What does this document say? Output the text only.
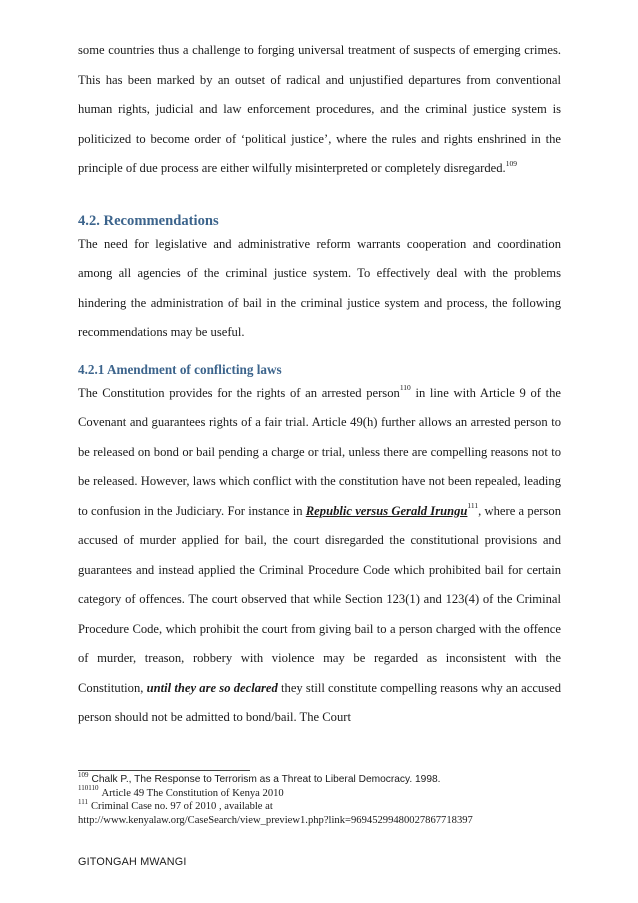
some countries thus a challenge to forging universal treatment of suspects of emerging crimes. This has been marked by an outset of radical and unjustified departures from conventional human rights, judicial and law enforcement procedures, and the criminal justice system is politicized to become order of ‘political justice’, where the rules and rights enshrined in the principle of due process are either wilfully misinterpreted or completely disregarded.$^{109}$

4.2. Recommendations

The need for legislative and administrative reform warrants cooperation and coordination among all agencies of the criminal justice system. To effectively deal with the problems hindering the administration of bail in the criminal justice system and process, the following recommendations may be useful.

4.2.1 Amendment of conflicting laws

The Constitution provides for the rights of an arrested person$^{110}$ in line with Article 9 of the Covenant and guarantees rights of a fair trial. Article 49(h) further allows an arrested person to be released on bond or bail pending a charge or trial, unless there are compelling reasons not to be released. However, laws which conflict with the constitution have not been repealed, leading to confusion in the Judiciary. For instance in Republic versus Gerald Irungu$^{111}$, where a person accused of murder applied for bail, the court disregarded the constitutional provisions and guarantees and instead applied the Criminal Procedure Code which prohibited bail for certain category of offences. The court observed that while Section 123(1) and 123(4) of the Criminal Procedure Code, which prohibit the court from giving bail to a person charged with the offence of murder, treason, robbery with violence may be regarded as inconsistent with the Constitution, until they are so declared they still constitute compelling reasons why an accused person should not be admitted to bond/bail. The Court

$^{109}$ Chalk P., The Response to Terrorism as a Threat to Liberal Democracy. 1998.

$^{110110}$ Article 49 The Constitution of Kenya 2010

$^{111}$ Criminal Case no. 97 of 2010 , available at

http://www.kenyalaw.org/CaseSearch/view_preview1.php?link=96945299480027867718397

GITONGAH MWANGI
